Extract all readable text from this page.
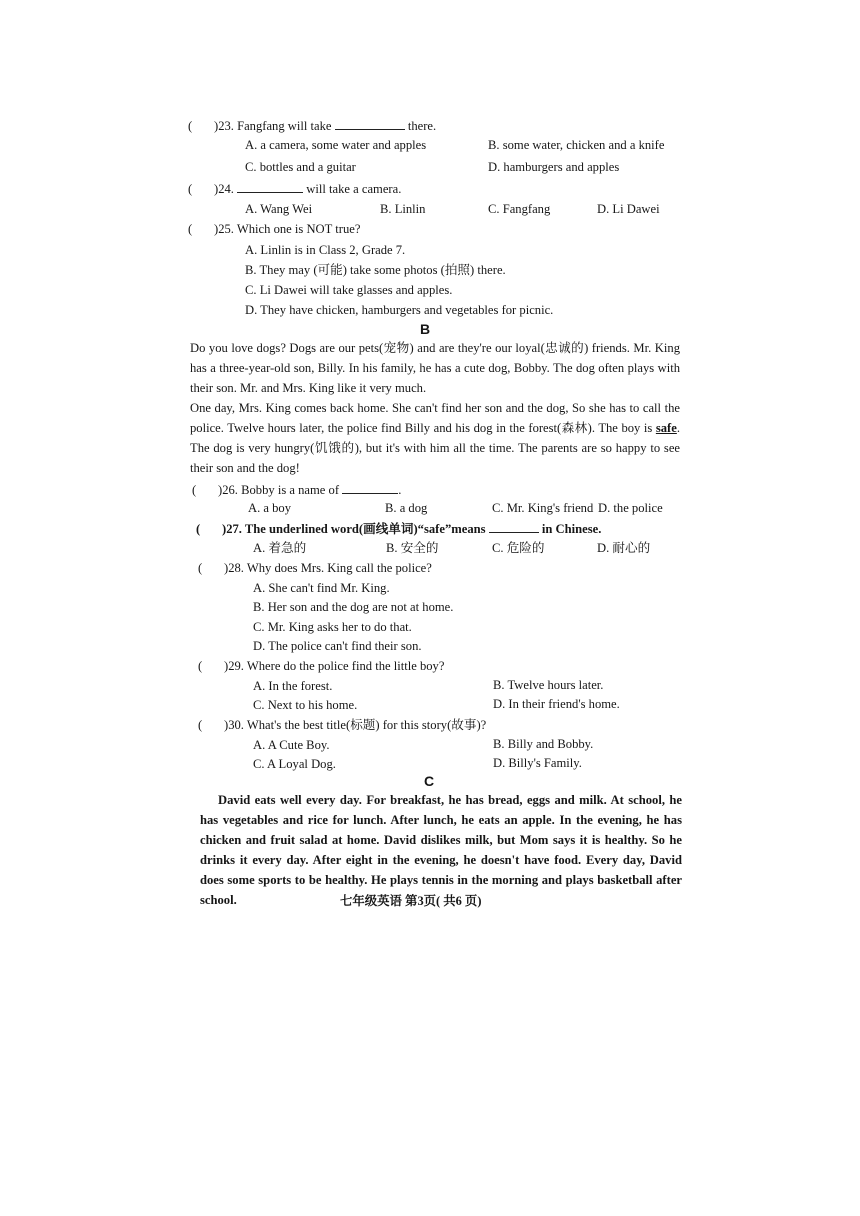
( )23. Fangfang will take	there.
A. a camera, some water and apples	B. some water, chicken and a knife
C. bottles and a guitar	D. hamburgers and apples
( )24.	will take a camera.
A. Wang Wei	B. Linlin	C. Fangfang	D. Li Dawei
( )25. Which one is NOT true?
A. Linlin is in Class 2, Grade 7.
B. They may (可能) take some photos (拍照) there.
C. Li Dawei will take glasses and apples.
D. They have chicken, hamburgers and vegetables for picnic.
B
Do you love dogs? Dogs are our pets(宠物) and are they're our loyal(忠诚的) friends. Mr. King has a three-year-old son, Billy. In his family, he has a cute dog, Bobby. The dog often plays with their son. Mr. and Mrs. King like it very much.
One day, Mrs. King comes back home. She can't find her son and the dog, So she has to call the police. Twelve hours later, the police find Billy and his dog in the forest(森林). The boy is safe. The dog is very hungry(饥饿的), but it's with him all the time. The parents are so happy to see their son and the dog!
( )26. Bobby is a name of	.
A. a boy	B. a dog	C. Mr. King's friend D. the police
( )27. The underlined word(画线单词)“safe”means	in Chinese.
A. 着急的	B. 安全的	C. 危险的	D. 耐心的
( )28. Why does Mrs. King call the police?
A. She can't find Mr. King.
B. Her son and the dog are not at home.
C. Mr. King asks her to do that.
D. The police can't find their son.
( )29. Where do the police find the little boy?
A. In the forest.	B. Twelve hours later.
C. Next to his home.	D. In their friend's home.
( )30. What's the best title(标题) for this story(故事)?
A. A Cute Boy.	B. Billy and Bobby.
C. A Loyal Dog.	D. Billy's Family.
C
David eats well every day. For breakfast, he has bread, eggs and milk. At school, he has vegetables and rice for lunch. After lunch, he eats an apple. In the evening, he has chicken and fruit salad at home. David dislikes milk, but Mom says it is healthy. So he drinks it every day. After eight in the evening, he doesn't have food. Every day, David does some sports to be healthy. He plays tennis in the morning and plays basketball after school.	七年级英语 第3页( 共6 页)
